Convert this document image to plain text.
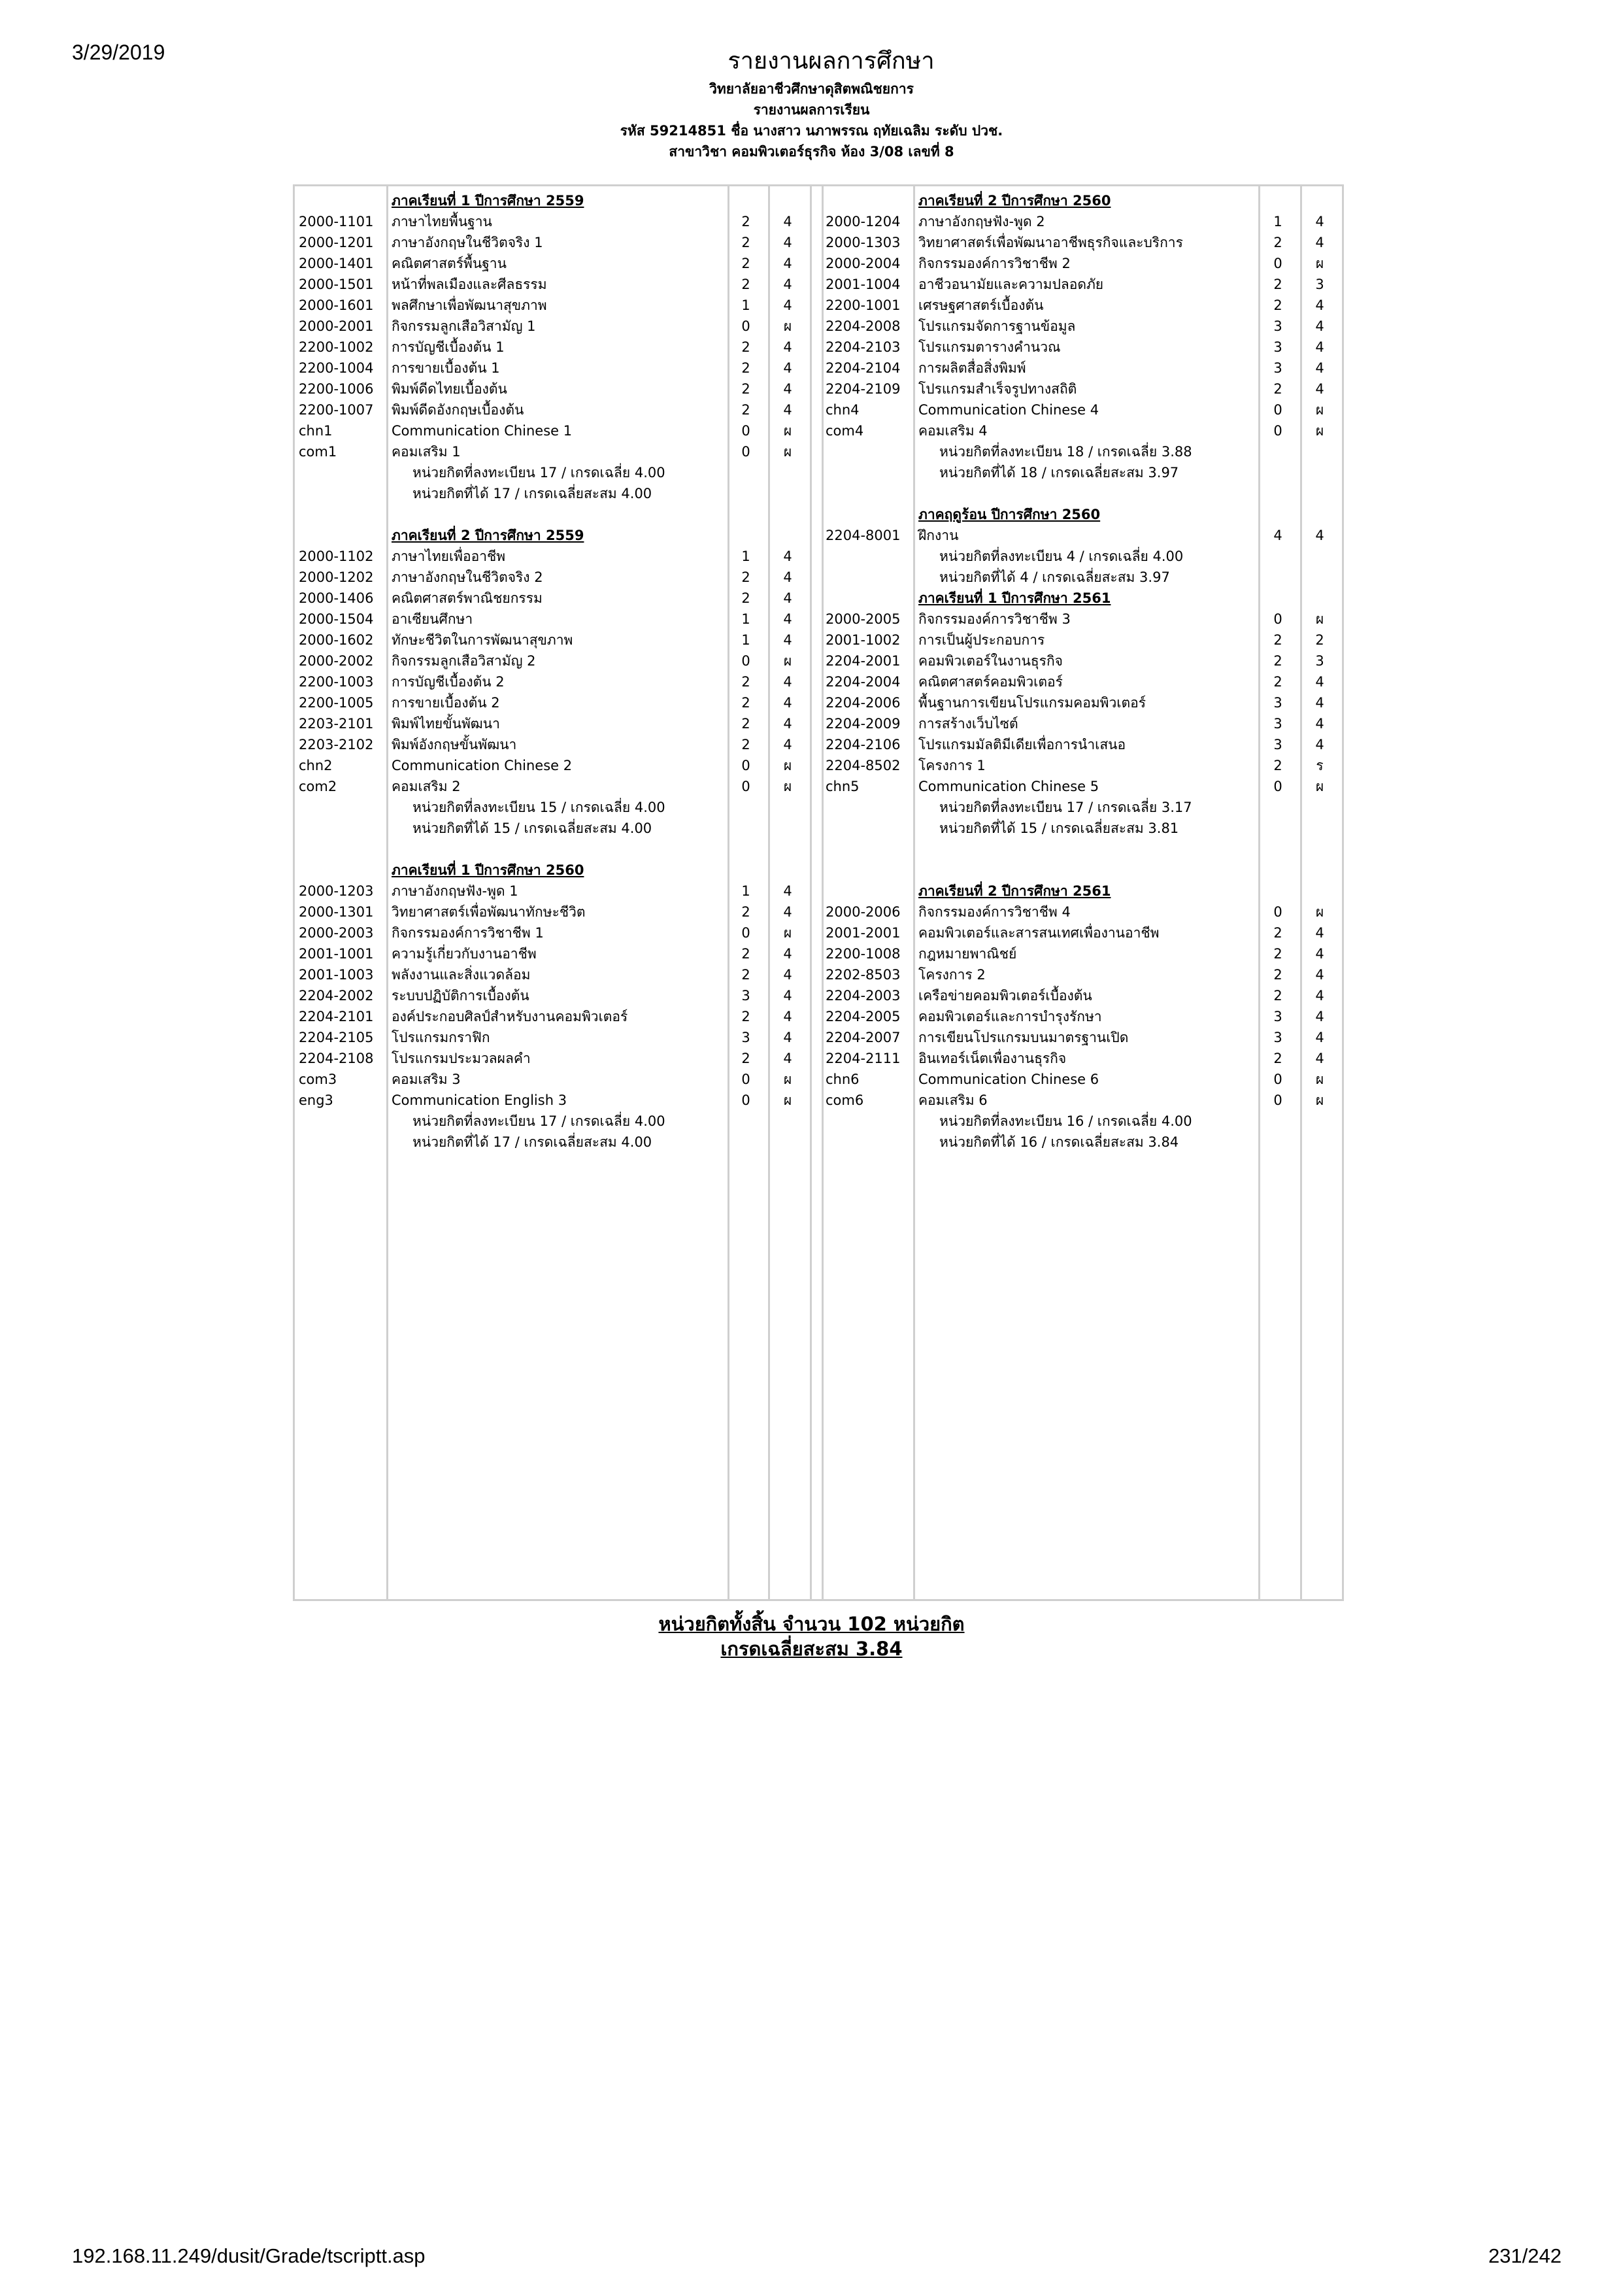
3/29/2019	รายงานผลการศึกษา
วิทยาลัยอาชีวศึกษาดุสิตพณิชยการ
รายงานผลการเรียน
รหัส 59214851 ชื่อ นางสาว นภาพรรณ ฤทัยเฉลิม ระดับ ปวช.
สาขาวิชา คอมพิวเตอร์ธุรกิจ ห้อง 3/08 เลขที่ 8
ภาคเรียนที่ 1 ปีการศึกษา 2559
2000-1101 ภาษาไทยพื้นฐาน	2	4
2000-1201 ภาษาอังกฤษในชีวิตจริง 1	2	4
2000-1401 คณิตศาสตร์พื้นฐาน	2	4
2000-1501 หน้าที่พลเมืองและศีลธรรม	2	4
2000-1601 พลศึกษาเพื่อพัฒนาสุขภาพ	1	4
2000-2001 กิจกรรมลูกเสือวิสามัญ 1	0	ผ
2200-1002 การบัญชีเบื้องต้น 1	2	4
2200-1004 การขายเบื้องต้น 1	2	4
2200-1006 พิมพ์ดีดไทยเบื้องต้น	2	4
2200-1007 พิมพ์ดีดอังกฤษเบื้องต้น	2	4
chn1	Communication Chinese 1	0	ผ
com1	คอมเสริม 1	0	ผ
หน่วยกิตที่ลงทะเบียน 17 / เกรดเฉลี่ย 4.00
หน่วยกิตที่ได้ 17 / เกรดเฉลี่ยสะสม 4.00
ภาคเรียนที่ 2 ปีการศึกษา 2559
2000-1102 ภาษาไทยเพื่ออาชีพ	1	4
2000-1202 ภาษาอังกฤษในชีวิตจริง 2	2	4
2000-1406 คณิตศาสตร์พาณิชยกรรม	2	4
2000-1504 อาเซียนศึกษา	1	4
2000-1602 ทักษะชีวิตในการพัฒนาสุขภาพ	1	4
2000-2002 กิจกรรมลูกเสือวิสามัญ 2	0	ผ
2200-1003 การบัญชีเบื้องต้น 2	2	4
2200-1005 การขายเบื้องต้น 2	2	4
2203-2101 พิมพ์ไทยขั้นพัฒนา	2	4
2203-2102 พิมพ์อังกฤษขั้นพัฒนา	2	4
chn2	Communication Chinese 2	0	ผ
com2	คอมเสริม 2	0	ผ
หน่วยกิตที่ลงทะเบียน 15 / เกรดเฉลี่ย 4.00
หน่วยกิตที่ได้ 15 / เกรดเฉลี่ยสะสม 4.00
ภาคเรียนที่ 1 ปีการศึกษา 2560
2000-1203 ภาษาอังกฤษฟัง-พูด 1	1	4
2000-1301 วิทยาศาสตร์เพื่อพัฒนาทักษะชีวิต	2	4
2000-2003 กิจกรรมองค์การวิชาชีพ 1	0	ผ
2001-1001 ความรู้เกี่ยวกับงานอาชีพ	2	4
2001-1003 พลังงานและสิ่งแวดล้อม	2	4
2204-2002 ระบบปฏิบัติการเบื้องต้น	3	4
2204-2101 องค์ประกอบศิลป์สำหรับงานคอมพิวเตอร์	2	4
2204-2105 โปรแกรมกราฟิก	3	4
2204-2108 โปรแกรมประมวลผลคำ	2	4
com3	คอมเสริม 3	0	ผ
eng3	Communication English 3	0	ผ
หน่วยกิตที่ลงทะเบียน 17 / เกรดเฉลี่ย 4.00
หน่วยกิตที่ได้ 17 / เกรดเฉลี่ยสะสม 4.00
ภาคเรียนที่ 2 ปีการศึกษา 2560
2000-1204 ภาษาอังกฤษฟัง-พูด 2	1	4
2000-1303 วิทยาศาสตร์เพื่อพัฒนาอาชีพธุรกิจและบริการ	2	4
2000-2004 กิจกรรมองค์การวิชาชีพ 2	0	ผ
2001-1004 อาชีวอนามัยและความปลอดภัย	2	3
2200-1001 เศรษฐศาสตร์เบื้องต้น	2	4
2204-2008 โปรแกรมจัดการฐานข้อมูล	3	4
2204-2103 โปรแกรมตารางคำนวณ	3	4
2204-2104 การผลิตสื่อสิ่งพิมพ์	3	4
2204-2109 โปรแกรมสำเร็จรูปทางสถิติ	2	4
chn4	Communication Chinese 4	0	ผ
com4	คอมเสริม 4	0	ผ
หน่วยกิตที่ลงทะเบียน 18 / เกรดเฉลี่ย 3.88
หน่วยกิตที่ได้ 18 / เกรดเฉลี่ยสะสม 3.97
ภาคฤดูร้อน ปีการศึกษา 2560
2204-8001 ฝึกงาน	4	4
หน่วยกิตที่ลงทะเบียน 4 / เกรดเฉลี่ย 4.00
หน่วยกิตที่ได้ 4 / เกรดเฉลี่ยสะสม 3.97
ภาคเรียนที่ 1 ปีการศึกษา 2561
2000-2005 กิจกรรมองค์การวิชาชีพ 3	0	ผ
2001-1002 การเป็นผู้ประกอบการ	2	2
2204-2001 คอมพิวเตอร์ในงานธุรกิจ	2	3
2204-2004 คณิตศาสตร์คอมพิวเตอร์	2	4
2204-2006 พื้นฐานการเขียนโปรแกรมคอมพิวเตอร์	3	4
2204-2009 การสร้างเว็บไซต์	3	4
2204-2106 โปรแกรมมัลติมีเดียเพื่อการนำเสนอ	3	4
2204-8502 โครงการ 1	2	ร
chn5	Communication Chinese 5	0	ผ
หน่วยกิตที่ลงทะเบียน 17 / เกรดเฉลี่ย 3.17
หน่วยกิตที่ได้ 15 / เกรดเฉลี่ยสะสม 3.81
ภาคเรียนที่ 2 ปีการศึกษา 2561
2000-2006 กิจกรรมองค์การวิชาชีพ 4	0	ผ
2001-2001 คอมพิวเตอร์และสารสนเทศเพื่องานอาชีพ	2	4
2200-1008 กฎหมายพาณิชย์	2	4
2202-8503 โครงการ 2	2	4
2204-2003 เครือข่ายคอมพิวเตอร์เบื้องต้น	2	4
2204-2005 คอมพิวเตอร์และการบำรุงรักษา	3	4
2204-2007 การเขียนโปรแกรมบนมาตรฐานเปิด	3	4
2204-2111 อินเทอร์เน็ตเพื่องานธุรกิจ	2	4
chn6	Communication Chinese 6	0	ผ
com6	คอมเสริม 6	0	ผ
หน่วยกิตที่ลงทะเบียน 16 / เกรดเฉลี่ย 4.00
หน่วยกิตที่ได้ 16 / เกรดเฉลี่ยสะสม 3.84
หน่วยกิตทั้งสิ้น จำนวน 102 หน่วยกิต
เกรดเฉลี่ยสะสม 3.84
192.168.11.249/dusit/Grade/tscriptt.asp	231/242
